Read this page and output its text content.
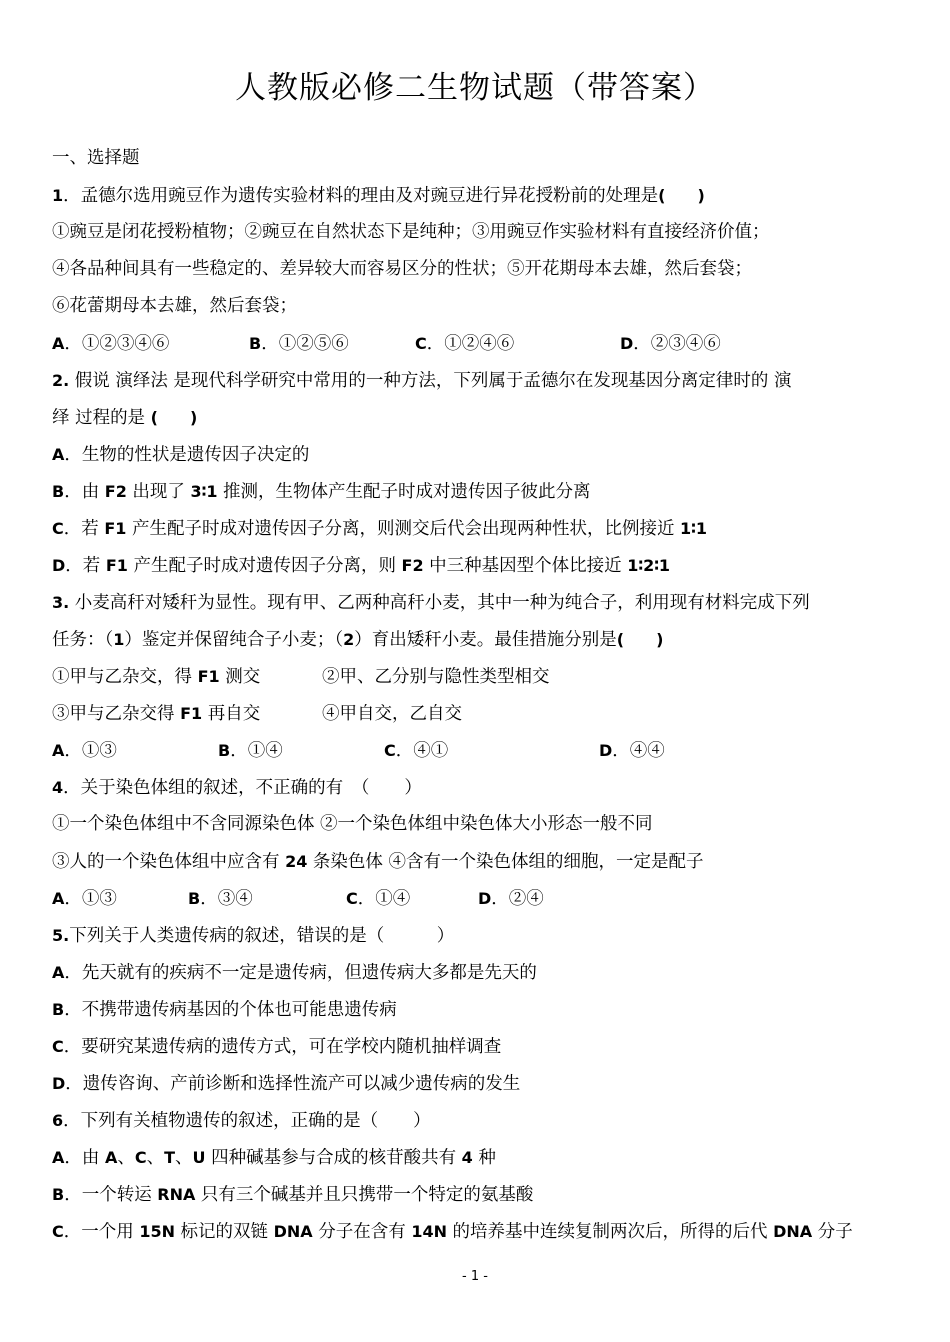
人教版必修二生物试题（带答案）
一、选择题
1．孟德尔选用豌豆作为遗传实验材料的理由及对豌豆进行异花授粉前的处理是(　　)
①豌豆是闭花授粉植物；②豌豆在自然状态下是纯种；③用豌豆作实验材料有直接经济价值；
④各品种间具有一些稳定的、差异较大而容易区分的性状；⑤开花期母本去雄，然后套袋；
⑥花蕾期母本去雄，然后套袋；
A．①②③④⑥	B．①②⑤⑥	C．①②④⑥	D．②③④⑥
2. 假说 演绎法 是现代科学研究中常用的一种方法，下列属于孟德尔在发现基因分离定律时的 演
绎 过程的是 (　　)
A．生物的性状是遗传因子决定的
B．由 F2 出现了 3∶1 推测，生物体产生配子时成对遗传因子彼此分离
C．若 F1 产生配子时成对遗传因子分离，则测交后代会出现两种性状，比例接近 1∶1
D．若 F1 产生配子时成对遗传因子分离，则 F2 中三种基因型个体比接近 1∶2∶1
3. 小麦高秆对矮秆为显性。现有甲、乙两种高秆小麦，其中一种为纯合子，利用现有材料完成下列
任务：（1）鉴定并保留纯合子小麦；（2）育出矮秆小麦。最佳措施分别是(　　)
①甲与乙杂交，得 F1 测交	②甲、乙分别与隐性类型相交
③甲与乙杂交得 F1 再自交	④甲自交，乙自交
A．①③	B．①④	C．④①	D．④④
4．关于染色体组的叙述，不正确的有　（　　）
①一个染色体组中不含同源染色体 ②一个染色体组中染色体大小形态一般不同
③人的一个染色体组中应含有 24 条染色体 ④含有一个染色体组的细胞，一定是配子
A．①③	B．③④	C．①④	D．②④
5.下列关于人类遗传病的叙述，错误的是（　　　）
A．先天就有的疾病不一定是遗传病，但遗传病大多都是先天的
B．不携带遗传病基因的个体也可能患遗传病
C．要研究某遗传病的遗传方式，可在学校内随机抽样调查
D．遗传咨询、产前诊断和选择性流产可以减少遗传病的发生
6．下列有关植物遗传的叙述，正确的是（　　）
A．由 A、C、T、U 四种碱基参与合成的核苷酸共有 4 种
B．一个转运 RNA 只有三个碱基并且只携带一个特定的氨基酸
C．一个用 15N 标记的双链 DNA 分子在含有 14N 的培养基中连续复制两次后，所得的后代 DNA 分子
- 1 -
